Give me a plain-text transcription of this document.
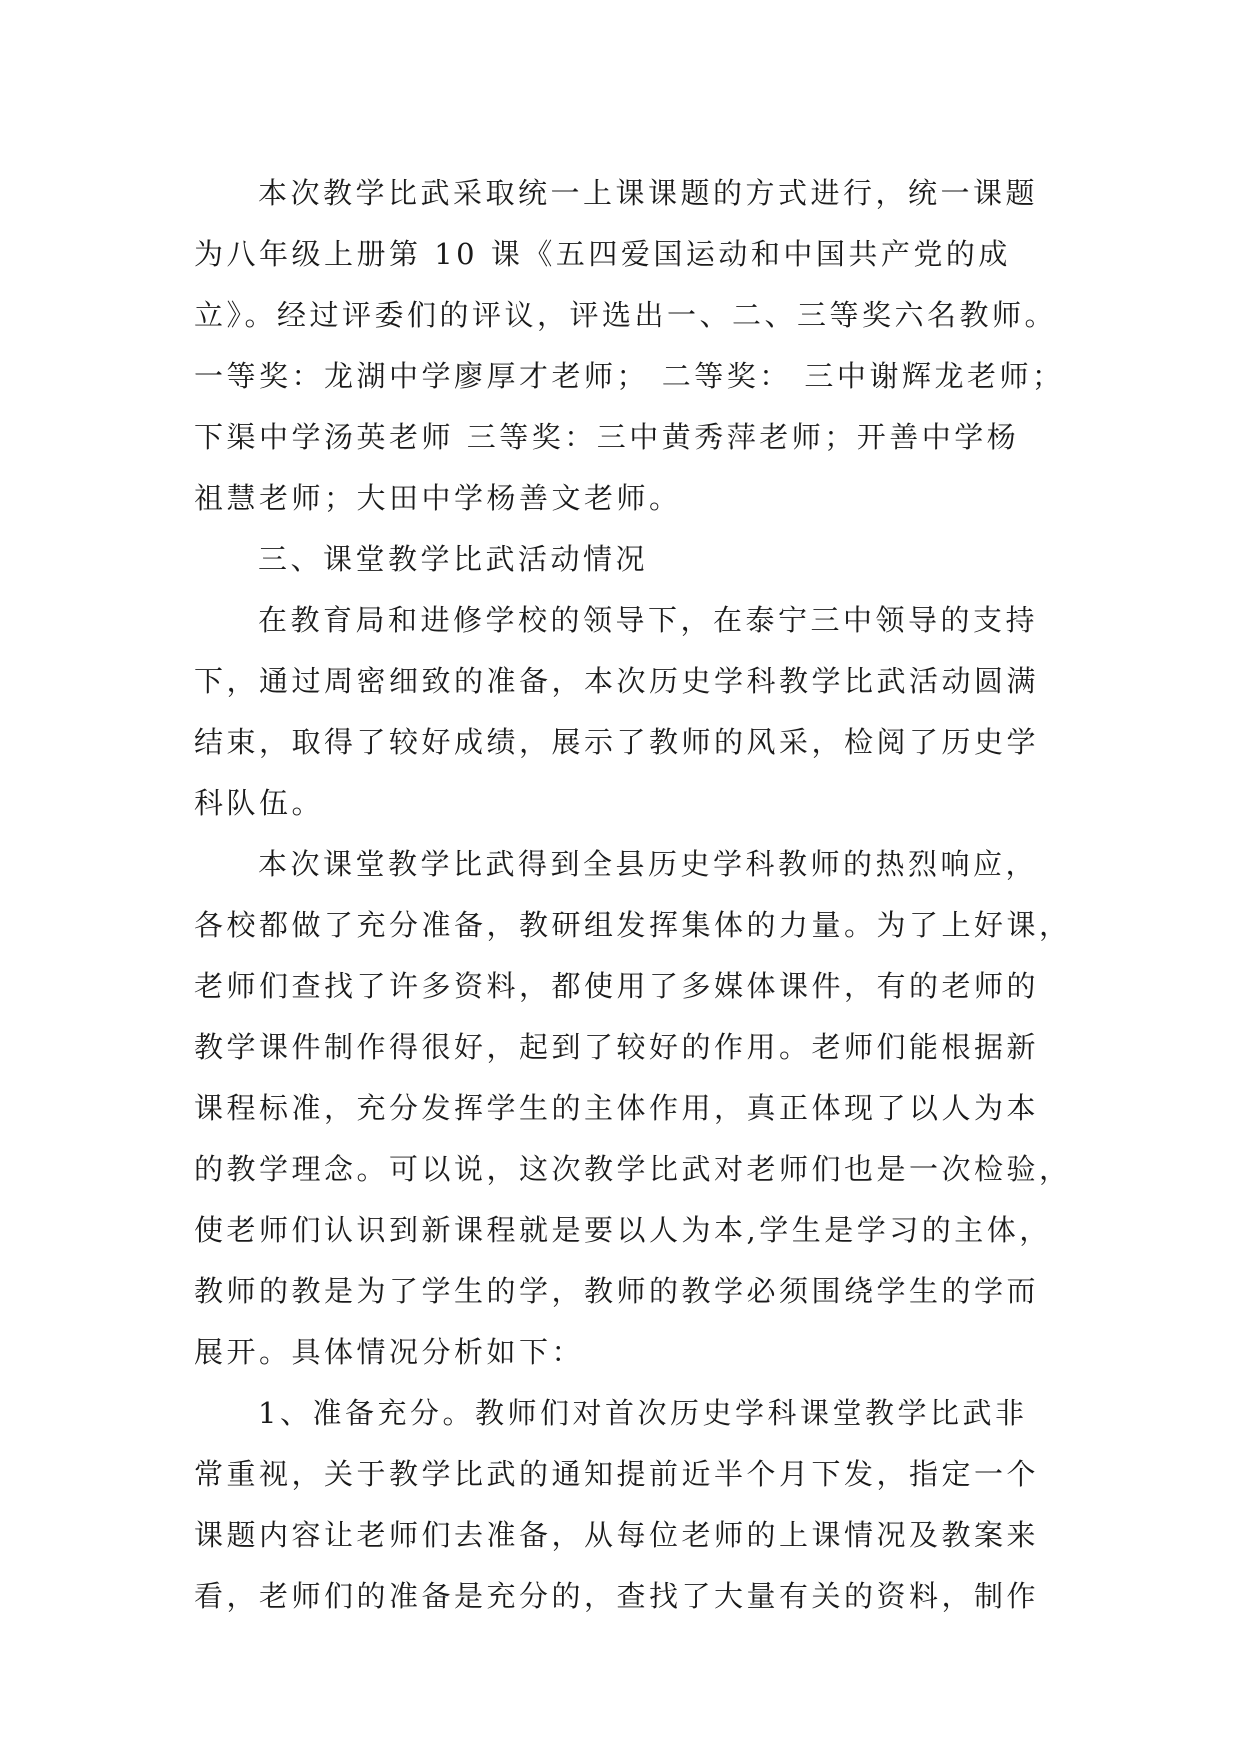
本次教学比武采取统一上课课题的方式进行，统一课题
为八年级上册第 10 课《五四爱国运动和中国共产党的成
立》。经过评委们的评议，评选出一、二、三等奖六名教师。
一等奖：龙湖中学廖厚才老师； 二等奖： 三中谢辉龙老师；
下渠中学汤英老师 三等奖：三中黄秀萍老师；开善中学杨
祖慧老师；大田中学杨善文老师。
三、课堂教学比武活动情况
在教育局和进修学校的领导下，在泰宁三中领导的支持
下，通过周密细致的准备，本次历史学科教学比武活动圆满
结束，取得了较好成绩，展示了教师的风采，检阅了历史学
科队伍。
本次课堂教学比武得到全县历史学科教师的热烈响应，
各校都做了充分准备，教研组发挥集体的力量。为了上好课，
老师们查找了许多资料，都使用了多媒体课件，有的老师的
教学课件制作得很好，起到了较好的作用。老师们能根据新
课程标准，充分发挥学生的主体作用，真正体现了以人为本
的教学理念。可以说，这次教学比武对老师们也是一次检验，
使老师们认识到新课程就是要以人为本,学生是学习的主体，
教师的教是为了学生的学，教师的教学必须围绕学生的学而
展开。具体情况分析如下：
1、准备充分。教师们对首次历史学科课堂教学比武非
常重视，关于教学比武的通知提前近半个月下发，指定一个
课题内容让老师们去准备，从每位老师的上课情况及教案来
看，老师们的准备是充分的，查找了大量有关的资料，制作
